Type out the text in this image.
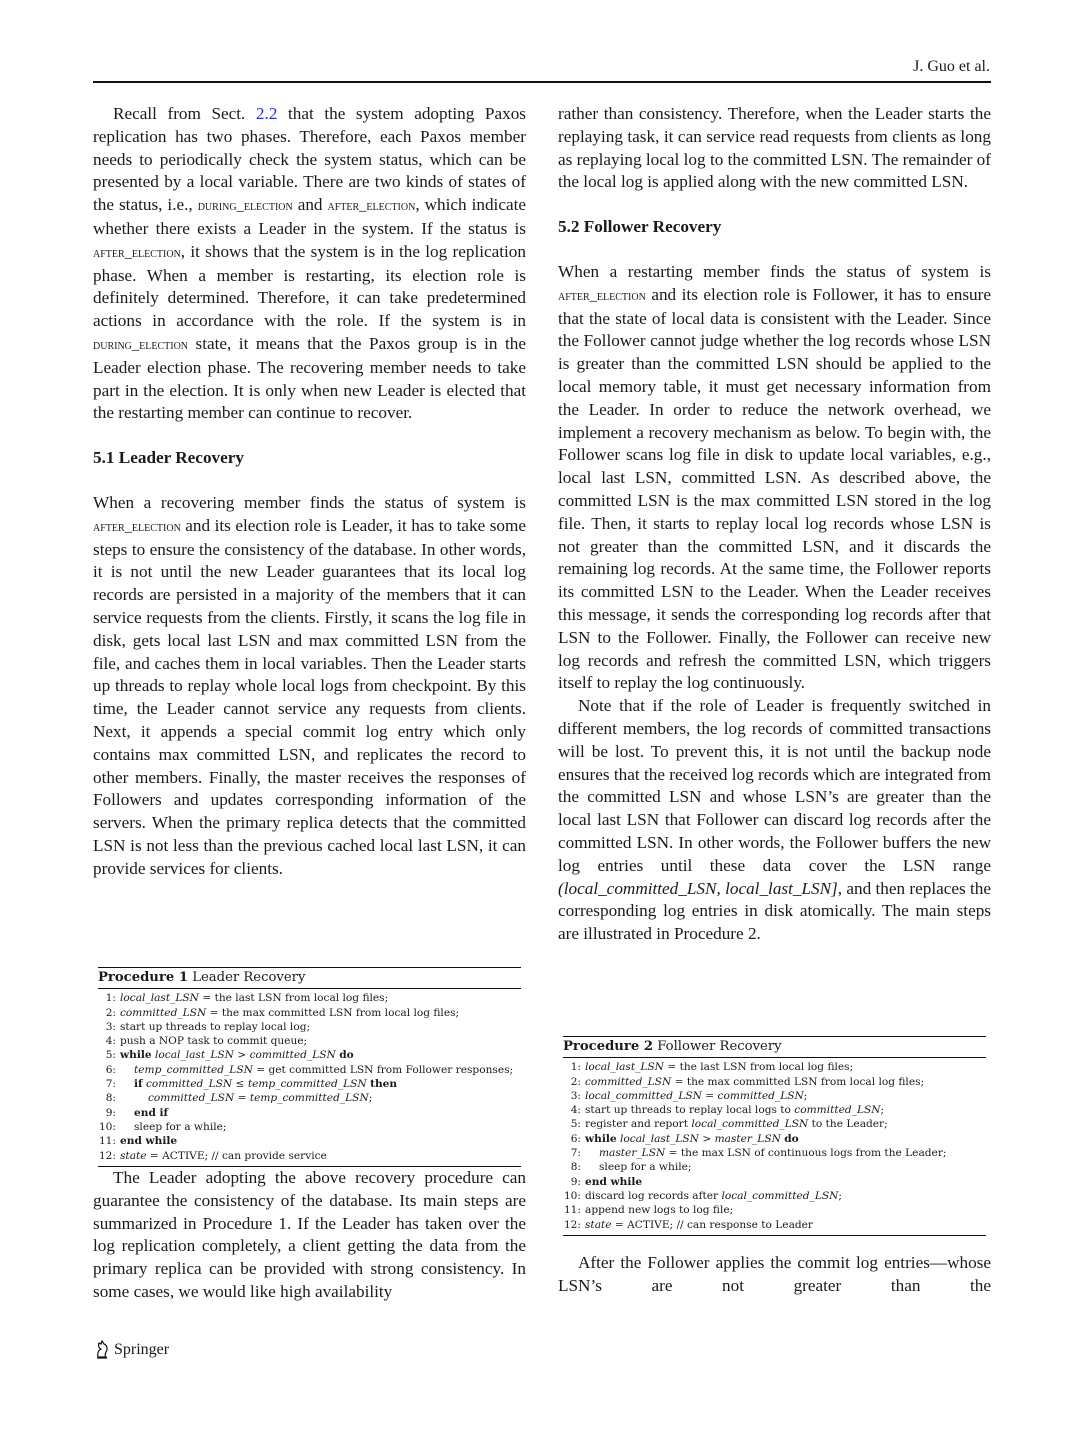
J. Guo et al.

Recall from Sect. 2.2 that the system adopting Paxos replication has two phases. Therefore, each Paxos member needs to periodically check the system status, which can be presented by a local variable. There are two kinds of states of the status, i.e., during_election and after_election, which indicate whether there exists a Leader in the system. If the status is after_election, it shows that the system is in the log replication phase. When a member is restarting, its election role is definitely determined. Therefore, it can take predetermined actions in accordance with the role. If the system is in during_election state, it means that the Paxos group is in the Leader election phase. The recovering member needs to take part in the election. It is only when new Leader is elected that the restarting member can continue to recover.

5.1 Leader Recovery

When a recovering member finds the status of system is after_election and its election role is Leader, it has to take some steps to ensure the consistency of the database. In other words, it is not until the new Leader guarantees that its local log records are persisted in a majority of the members that it can service requests from the clients. Firstly, it scans the log file in disk, gets local last LSN and max committed LSN from the file, and caches them in local variables. Then the Leader starts up threads to replay whole local logs from checkpoint. By this time, the Leader cannot service any requests from clients. Next, it appends a special commit log entry which only contains max committed LSN, and replicates the record to other members. Finally, the master receives the responses of Followers and updates corresponding information of the servers. When the primary replica detects that the committed LSN is not less than the previous cached local last LSN, it can provide services for clients.

Procedure 1 Leader Recovery
1: local_last_LSN = the last LSN from local log files;
2: committed_LSN = the max committed LSN from local log files;
3: start up threads to replay local log;
4: push a NOP task to commit queue;
5: while local_last_LSN > committed_LSN do
6: temp_committed_LSN = get committed LSN from Follower responses;
7: if committed_LSN ≤ temp_committed_LSN then
8:	committed_LSN = temp_committed_LSN;
9: end if
10: sleep for a while;
11: end while
12: state = ACTIVE; // can provide service

The Leader adopting the above recovery procedure can guarantee the consistency of the database. Its main steps are summarized in Procedure 1. If the Leader has taken over the log replication completely, a client getting the data from the primary replica can be provided with strong consistency. In some cases, we would like high availability

rather than consistency. Therefore, when the Leader starts the replaying task, it can service read requests from clients as long as replaying local log to the committed LSN. The remainder of the local log is applied along with the new committed LSN.

5.2 Follower Recovery

When a restarting member finds the status of system is after_election and its election role is Follower, it has to ensure that the state of local data is consistent with the Leader. Since the Follower cannot judge whether the log records whose LSN is greater than the committed LSN should be applied to the local memory table, it must get necessary information from the Leader. In order to reduce the network overhead, we implement a recovery mechanism as below. To begin with, the Follower scans log file in disk to update local variables, e.g., local last LSN, committed LSN. As described above, the committed LSN is the max committed LSN stored in the log file. Then, it starts to replay local log records whose LSN is not greater than the committed LSN, and it discards the remaining log records. At the same time, the Follower reports its committed LSN to the Leader. When the Leader receives this message, it sends the corresponding log records after that LSN to the Follower. Finally, the Follower can receive new log records and refresh the committed LSN, which triggers itself to replay the log continuously.

Note that if the role of Leader is frequently switched in different members, the log records of committed transactions will be lost. To prevent this, it is not until the backup node ensures that the received log records which are integrated from the committed LSN and whose LSN’s are greater than the local last LSN that Follower can discard log records after the committed LSN. In other words, the Follower buffers the new log entries until these data cover the LSN range (local_committed_LSN, local_last_LSN], and then replaces the corresponding log entries in disk atomically. The main steps are illustrated in Procedure 2.

Procedure 2 Follower Recovery
1: local_last_LSN = the last LSN from local log files;
2: committed_LSN = the max committed LSN from local log files;
3: local_committed_LSN = committed_LSN;
4: start up threads to replay local logs to committed_LSN;
5: register and report local_committed_LSN to the Leader;
6: while local_last_LSN > master_LSN do
7: master_LSN = the max LSN of continuous logs from the Leader;
8: sleep for a while;
9: end while
10: discard log records after local_committed_LSN;
11: append new logs to log file;
12: state = ACTIVE; // can response to Leader

After the Follower applies the commit log entries—whose LSN’s are not greater than the

Springer
